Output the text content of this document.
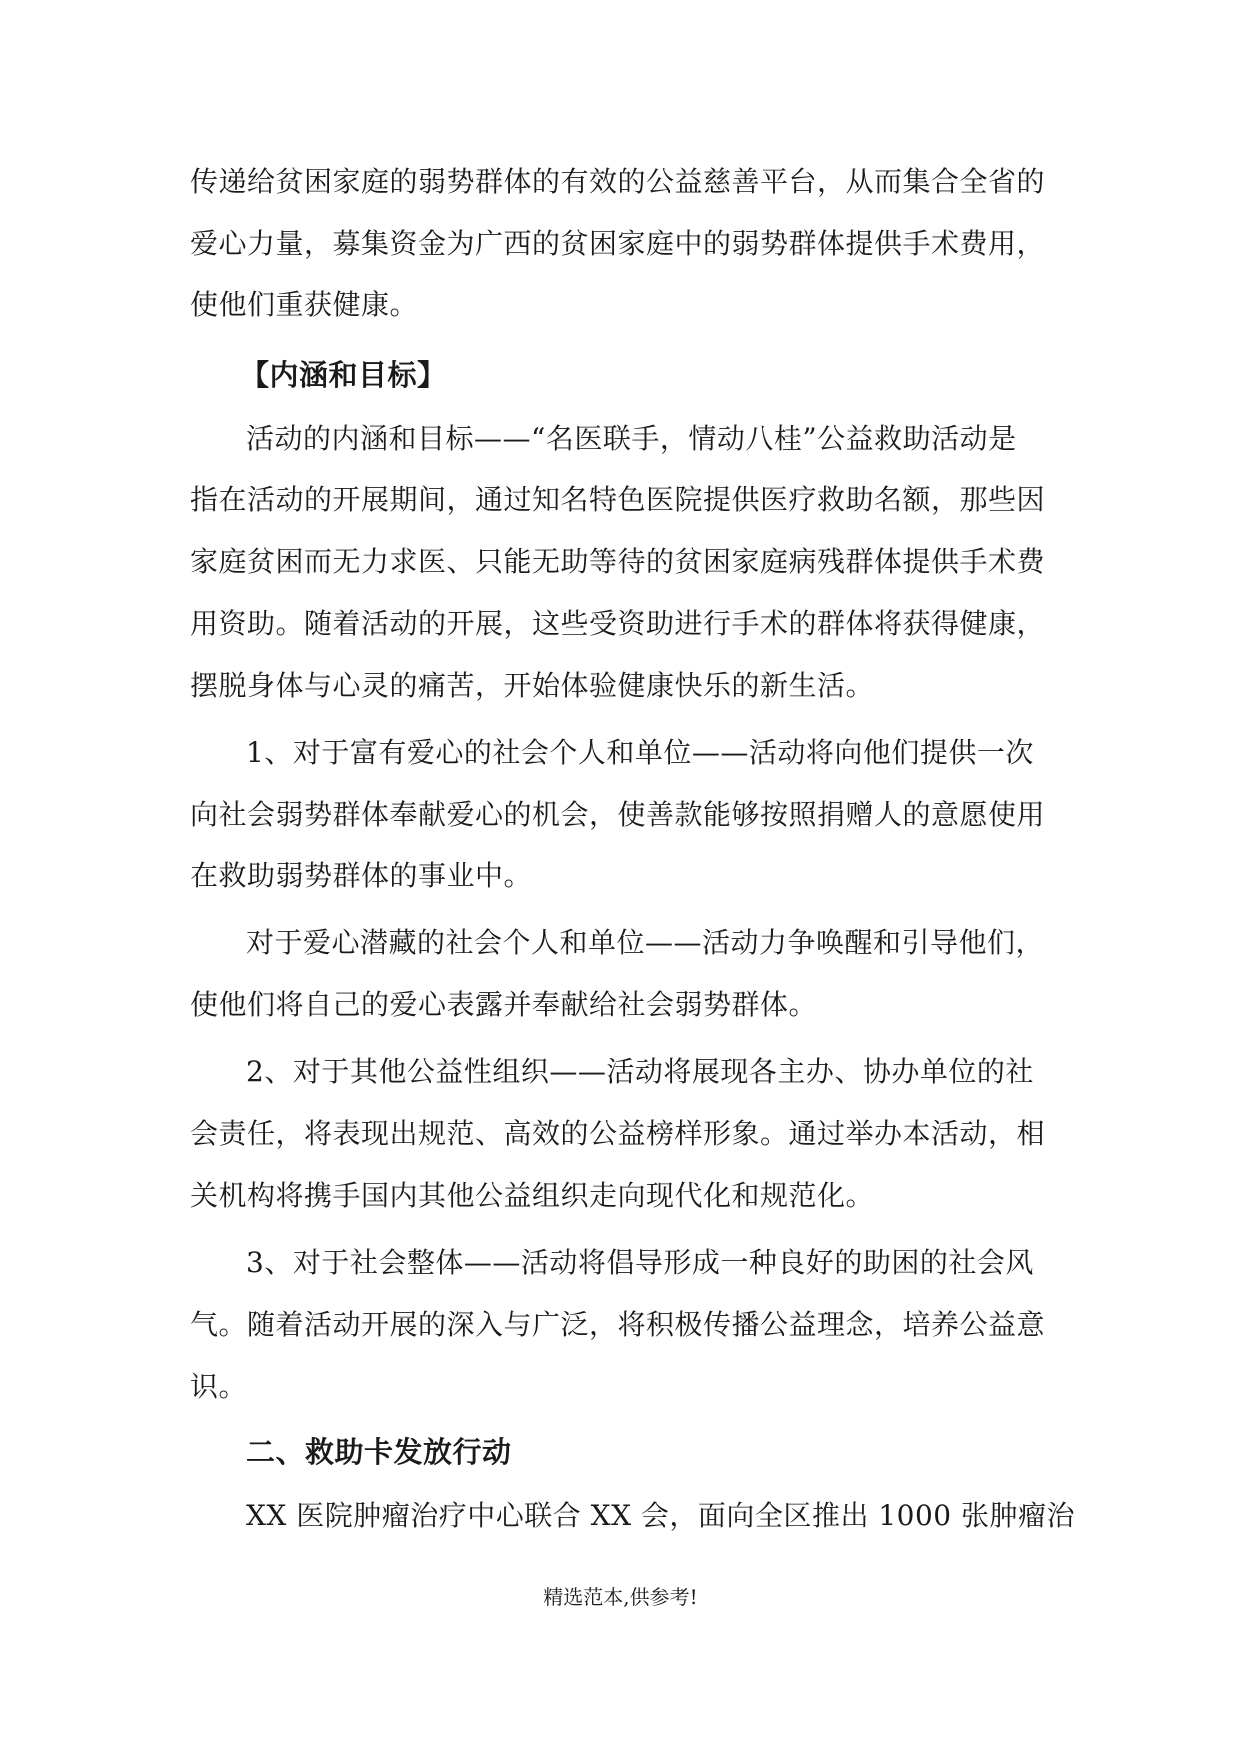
传递给贫困家庭的弱势群体的有效的公益慈善平台，从而集合全省的
爱心力量，募集资金为广西的贫困家庭中的弱势群体提供手术费用，
使他们重获健康。
【内涵和目标】
活动的内涵和目标——“名医联手，情动八桂”公益救助活动是
指在活动的开展期间，通过知名特色医院提供医疗救助名额，那些因
家庭贫困而无力求医、只能无助等待的贫困家庭病残群体提供手术费
用资助。随着活动的开展，这些受资助进行手术的群体将获得健康，
摆脱身体与心灵的痛苦，开始体验健康快乐的新生活。
1、对于富有爱心的社会个人和单位——活动将向他们提供一次
向社会弱势群体奉献爱心的机会，使善款能够按照捐赠人的意愿使用
在救助弱势群体的事业中。
对于爱心潜藏的社会个人和单位——活动力争唤醒和引导他们，
使他们将自己的爱心表露并奉献给社会弱势群体。
2、对于其他公益性组织——活动将展现各主办、协办单位的社
会责任，将表现出规范、高效的公益榜样形象。通过举办本活动，相
关机构将携手国内其他公益组织走向现代化和规范化。
3、对于社会整体——活动将倡导形成一种良好的助困的社会风
气。随着活动开展的深入与广泛，将积极传播公益理念，培养公益意
识。
二、救助卡发放行动
XX 医院肿瘤治疗中心联合 XX 会，面向全区推出 1000 张肿瘤治
精选范本,供参考!
